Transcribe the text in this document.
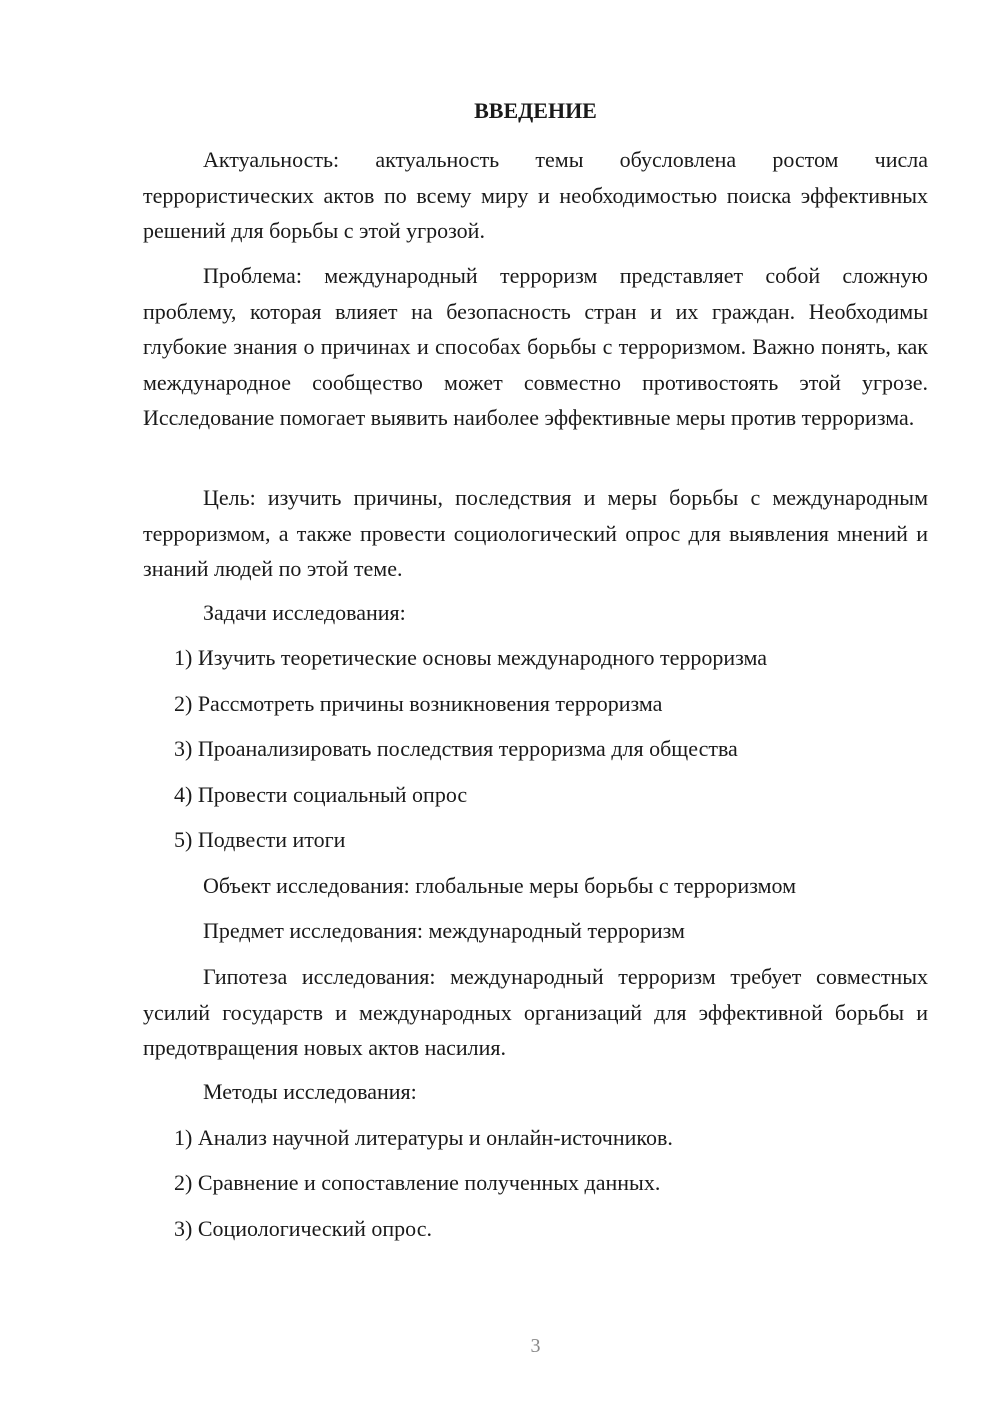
ВВЕДЕНИЕ

Актуальность: актуальность темы обусловлена ростом числа террористических актов по всему миру и необходимостью поиска эффективных решений для борьбы с этой угрозой.

Проблема: международный терроризм представляет собой сложную проблему, которая влияет на безопасность стран и их граждан. Необходимы глубокие знания о причинах и способах борьбы с терроризмом. Важно понять, как международное сообщество может совместно противостоять этой угрозе. Исследование помогает выявить наиболее эффективные меры против терроризма.

Цель: изучить причины, последствия и меры борьбы с международным терроризмом, а также провести социологический опрос для выявления мнений и знаний людей по этой теме.

Задачи исследования:

1) Изучить теоретические основы международного терроризма

2) Рассмотреть причины возникновения терроризма

3) Проанализировать последствия терроризма для общества

4) Провести социальный опрос

5) Подвести итоги

Объект исследования: глобальные меры борьбы с терроризмом

Предмет исследования: международный терроризм

Гипотеза исследования: международный терроризм требует совместных усилий государств и международных организаций для эффективной борьбы и предотвращения новых актов насилия.

Методы исследования:

1) Анализ научной литературы и онлайн-источников.

2) Сравнение и сопоставление полученных данных.

3) Социологический опрос.

3
